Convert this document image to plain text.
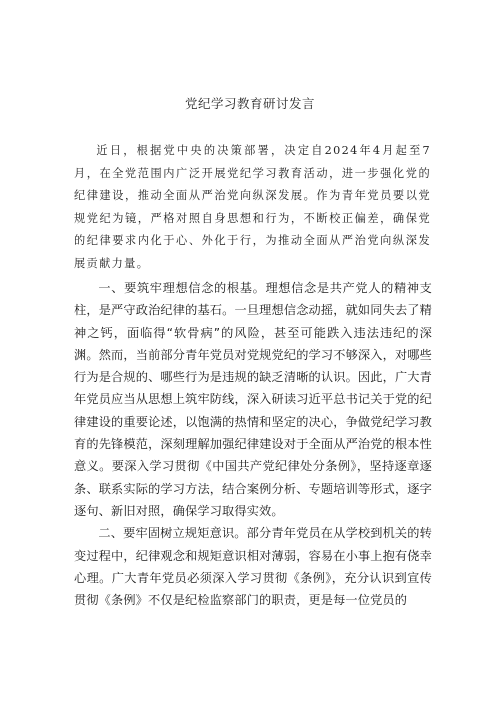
党纪学习教育研讨发言

近日，根据党中央的决策部署，决定自2024年4月起至7月，在全党范围内广泛开展党纪学习教育活动，进一步强化党的纪律建设，推动全面从严治党向纵深发展。作为青年党员要以党规党纪为镜，严格对照自身思想和行为，不断校正偏差，确保党的纪律要求内化于心、外化于行，为推动全面从严治党向纵深发展贡献力量。

一、要筑牢理想信念的根基。理想信念是共产党人的精神支柱，是严守政治纪律的基石。一旦理想信念动摇，就如同失去了精神之钙，面临得“软骨病”的风险，甚至可能跌入违法违纪的深渊。然而，当前部分青年党员对党规党纪的学习不够深入，对哪些行为是合规的、哪些行为是违规的缺乏清晰的认识。因此，广大青年党员应当从思想上筑牢防线，深入研读习近平总书记关于党的纪律建设的重要论述，以饱满的热情和坚定的决心，争做党纪学习教育的先锋模范，深刻理解加强纪律建设对于全面从严治党的根本性意义。要深入学习贯彻《中国共产党纪律处分条例》，坚持逐章逐条、联系实际的学习方法，结合案例分析、专题培训等形式，逐字逐句、新旧对照，确保学习取得实效。

二、要牢固树立规矩意识。部分青年党员在从学校到机关的转变过程中，纪律观念和规矩意识相对薄弱，容易在小事上抱有侥幸心理。广大青年党员必须深入学习贯彻《条例》，充分认识到宣传贯彻《条例》不仅是纪检监察部门的职责，更是每一位党员的
